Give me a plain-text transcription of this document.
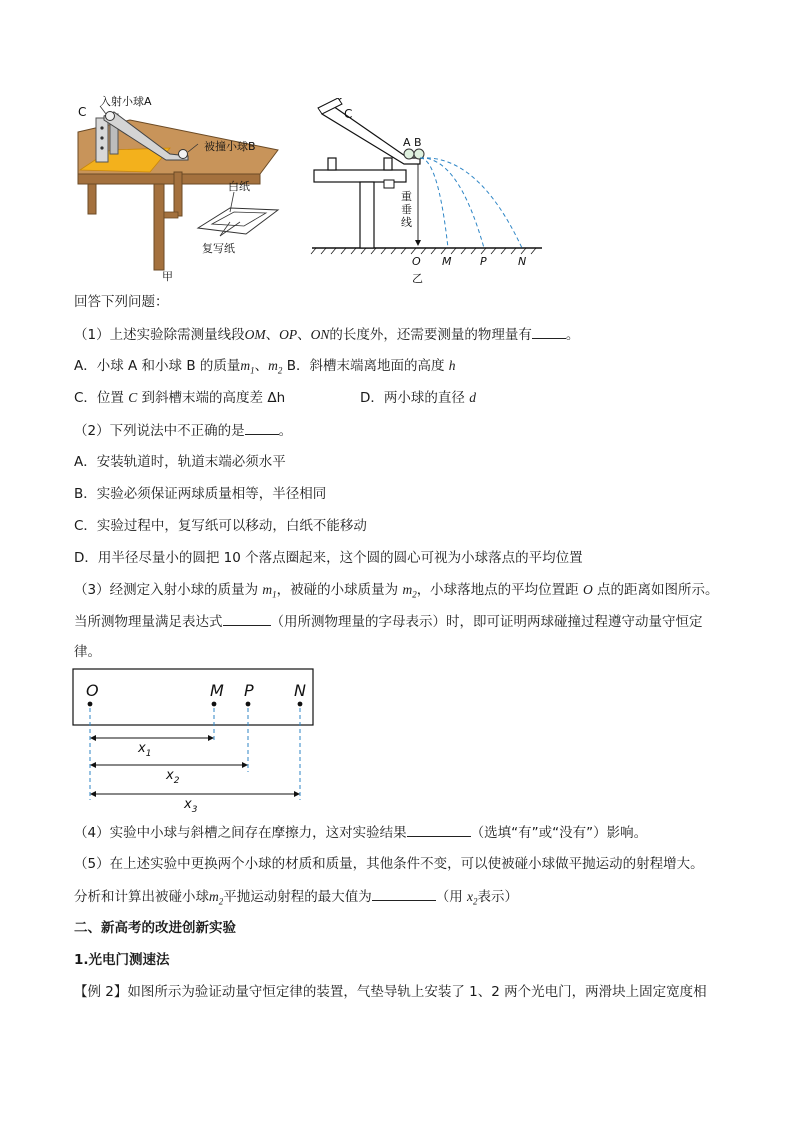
C
入射小球A
被撞小球B
白纸
复写纸
甲
C
A B
重
垂
线
O M	P	N
乙
回答下列问题：
（1）上述实验除需测量线段OM、OP、ON的长度外，还需要测量的物理量有	。
A．小球 A 和小球 B 的质量$m_1$、$m_2$ B．斜槽末端离地面的高度 h
C．位置 C 到斜槽末端的高度差 Δh	D．两小球的直径 d
（2）下列说法中不正确的是	。
A．安装轨道时，轨道末端必须水平
B．实验必须保证两球质量相等，半径相同
C．实验过程中，复写纸可以移动，白纸不能移动
D．用半径尽量小的圆把 10 个落点圈起来，这个圆的圆心可视为小球落点的平均位置
（3）经测定入射小球的质量为 $m_1$，被碰的小球质量为 $m_2$，小球落地点的平均位置距 O 点的距离如图所示。
当所测物理量满足表达式	（用所测物理量的字母表示）时，即可证明两球碰撞过程遵守动量守恒定
律。
O	M P	N
$x_1$
$x_2$
$x_3$
（4）实验中小球与斜槽之间存在摩擦力，这对实验结果	（选填“有”或“没有”）影响。
（5）在上述实验中更换两个小球的材质和质量，其他条件不变，可以使被碰小球做平抛运动的射程增大。
分析和计算出被碰小球$m_2$平抛运动射程的最大值为	（用 $x_2$表示）
二、新高考的改进创新实验
1.光电门测速法
【例 2】如图所示为验证动量守恒定律的装置，气垫导轨上安装了 1、2 两个光电门，两滑块上固定宽度相
